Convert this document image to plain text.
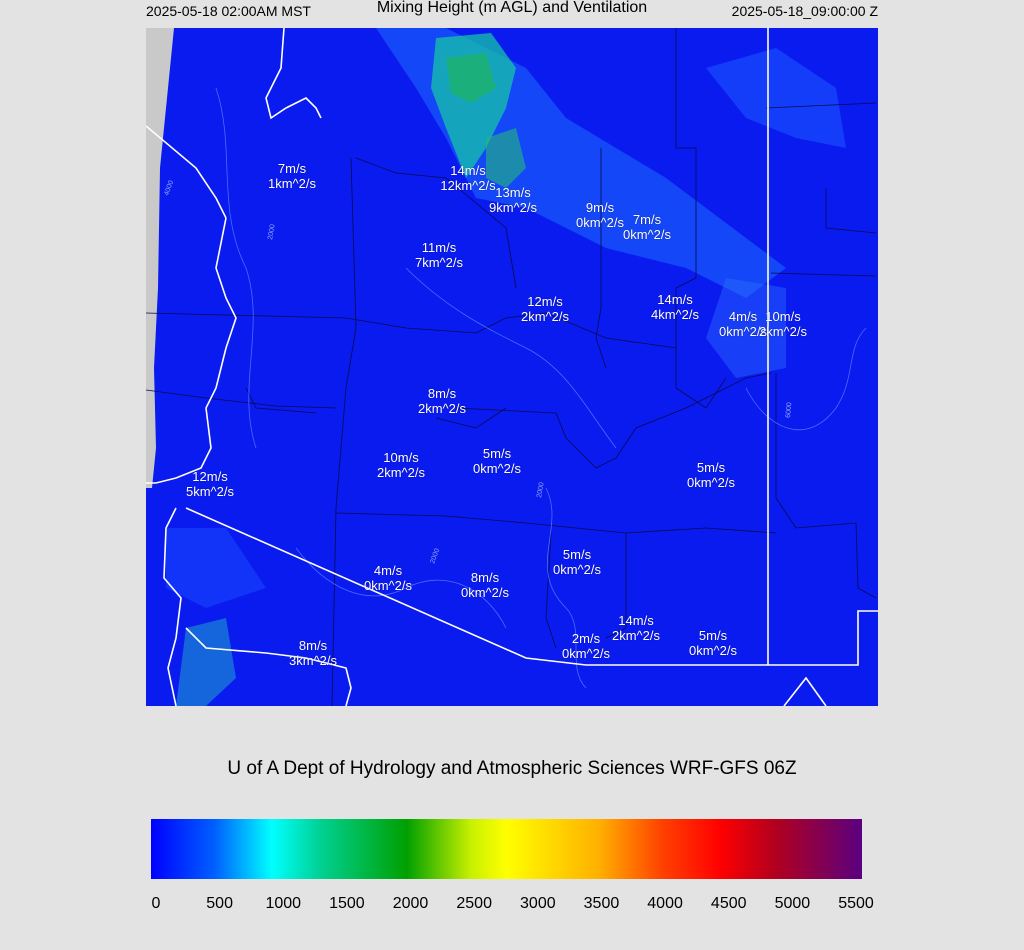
2025-05-18 02:00AM MST	Mixing Height (m AGL) and Ventilation	2025-05-18_09:00:00 Z
4000
2000
2000
2000
6000
7m/s
1km^2/s
14m/s
12km^2/s 13m/s
9km^2/s	9m/s
0km^2/s 7m/s
0km^2/s
11m/s
7km^2/s
12m/s
2km^2/s
14m/s
4km^2/s	4m/s
0km^2/s
10m/s
2km^2/s
8m/s
2km^2/s
10m/s
2km^2/s
5m/s
0km^2/s	5m/s
0km^2/s
12m/s
5km^2/s
4m/s
0km^2/s
8m/s
0km^2/s
5m/s
0km^2/s
14m/s
2km^2/s
2m/s
0km^2/s
5m/s
0km^2/s
8m/s
3km^2/s
U of A Dept of Hydrology and Atmospheric Sciences WRF-GFS 06Z
0	500 1000 1500 2000 2500 3000 3500 4000 4500 5000 5500
